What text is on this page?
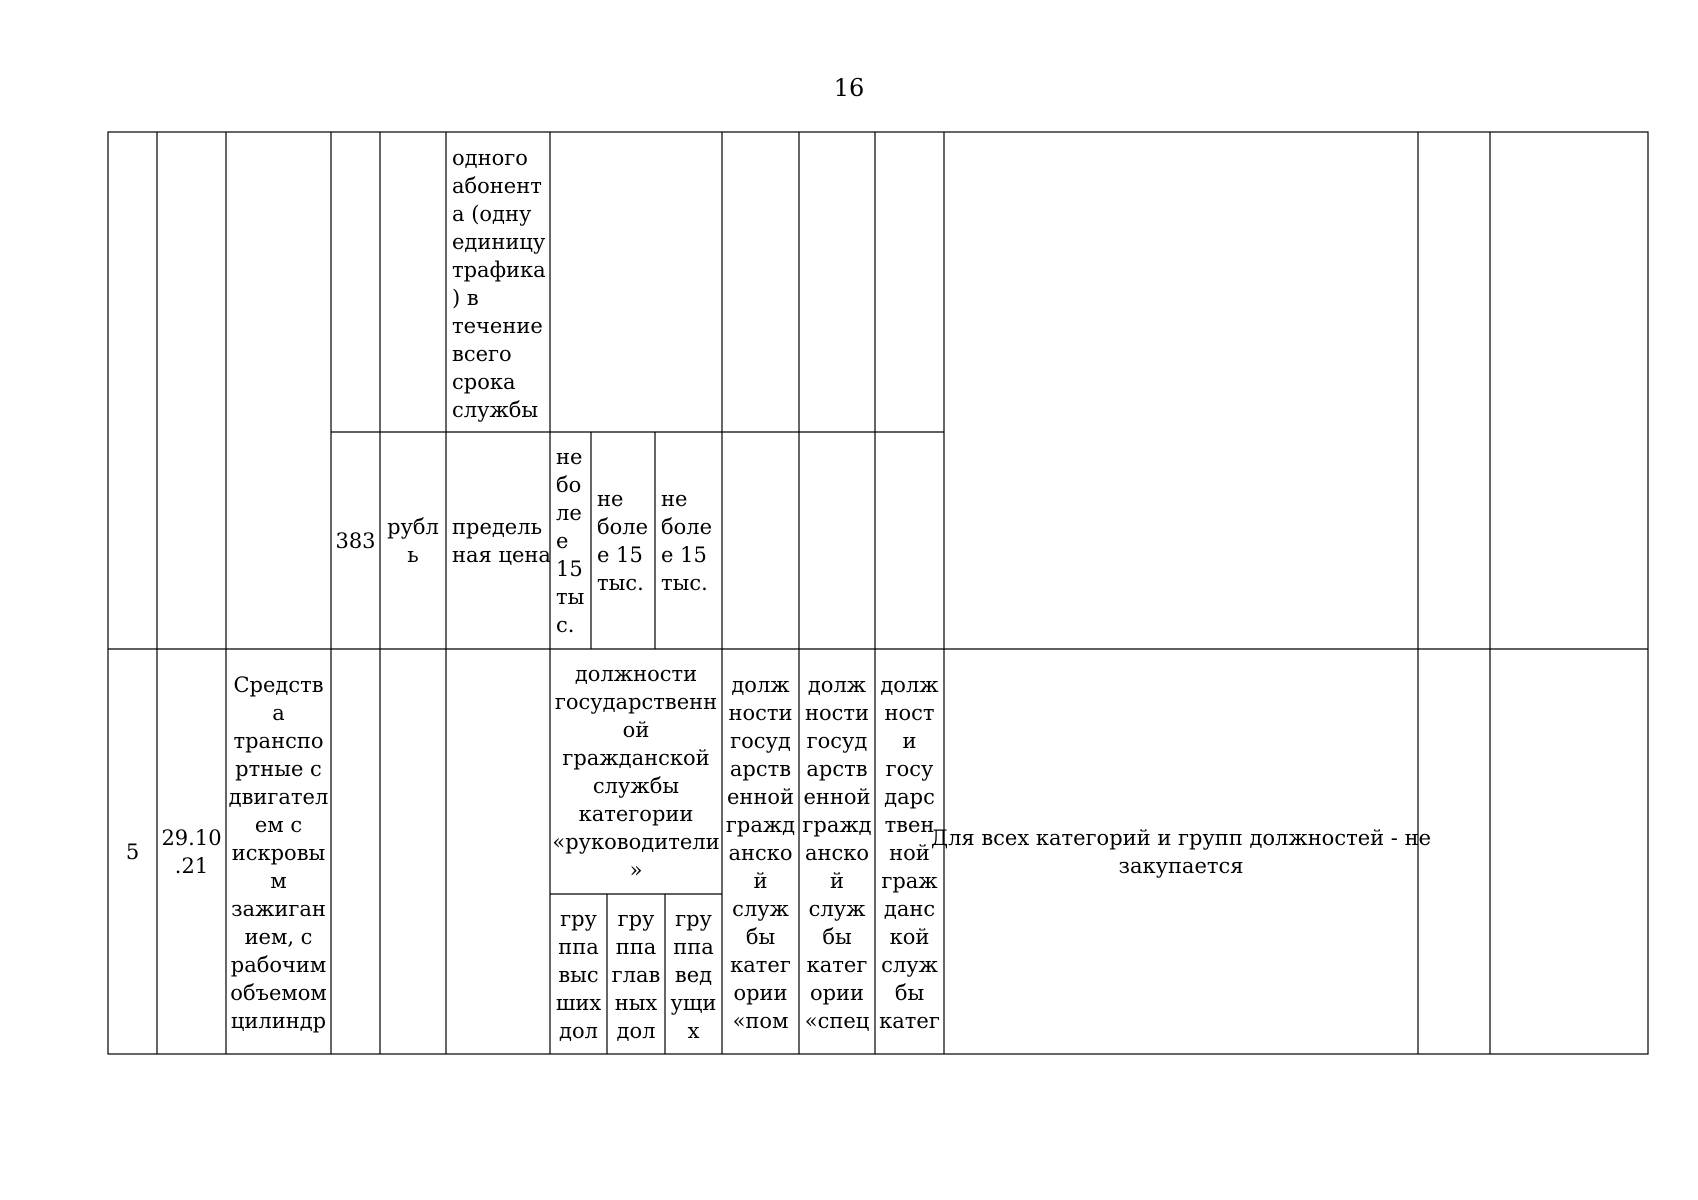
16
одного
абонент
а (одну
единицу
трафика
) в
течение
всего
срока
службы
383
рубл
ь
предель
ная цена
не
бо
ле
е
15
ты
с.
не
боле
е 15
тыс.
не
боле
е 15
тыс.
5
29.10
.21
Средств
а
транспо
ртные с
двигател
ем с
искровы
м
зажиган
ием, с
рабочим
объемом
цилиндр
должности
государственн
ой
гражданской
службы
категории
«руководители
»
гру
ппа
выс
ших
дол
гру
ппа
глав
ных
дол
гру
ппа
вед
ущи
х
долж
ности
госуд
арств
енной
гражд
анско
й
служ
бы
катег
ории
«пом
долж
ности
госуд
арств
енной
гражд
анско
й
служ
бы
катег
ории
«спец
долж
ност
и
госу
дарс
твен
ной
граж
данс
кой
служ
бы
катег
Для всех категорий и групп должностей - не
закупается
